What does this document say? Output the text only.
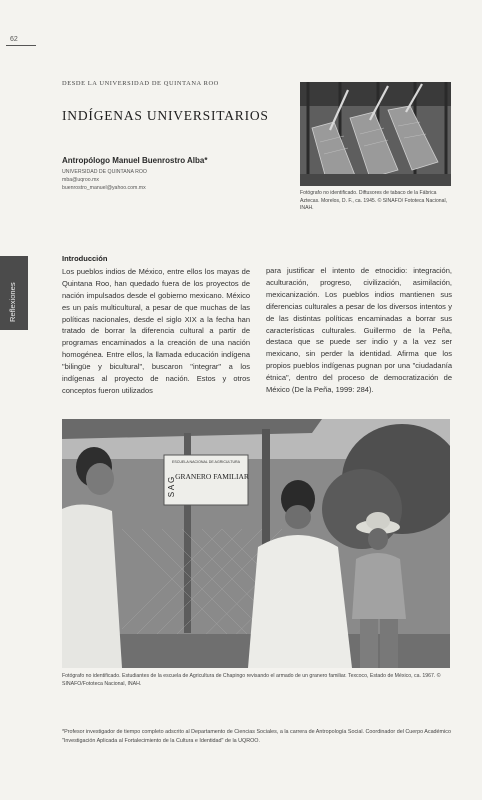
62
DESDE LA UNIVERSIDAD DE QUINTANA ROO
INDÍGENAS UNIVERSITARIOS
Antropólogo Manuel Buenrostro Alba*
UNIVERSIDAD DE QUINTANA ROO
mba@uqroo.mx
buenrostro_manuel@yahoo.com.mx
Fotógrafo no identificado. Diftusores de tabaco de la Fábrica Aztecas. Morelos, D. F., ca. 1945. © SINAFO/ Fototeca Nacional, INAH.
Reflexiones
Introducción

Los pueblos indios de México, entre ellos los mayas de Quintana Roo, han quedado fuera de los proyectos de nación impulsados desde el gobierno mexicano. México es un país multicultural, a pesar de que muchas de las políticas nacionales, desde el siglo XIX a la fecha han tratado de borrar la diferencia cultural a partir de programas encaminados a la creación de una nación homogénea. Entre ellos, la llamada educación indígena "bilingüe y bicultural", buscaron "integrar" a los indígenas al proyecto de nación. Estos y otros conceptos fueron utilizados

para justificar el intento de etnocidio: integración, aculturación, progreso, civilización, asimilación, mexicanización. Los pueblos indios mantienen sus diferencias culturales a pesar de los diversos intentos y de las distintas políticas encaminadas a borrar sus características culturales. Guillermo de la Peña, destaca que se puede ser indio y a la vez ser mexicano, sin perder la identidad. Afirma que los propios pueblos indígenas pugnan por una "ciudadanía étnica", dentro del proceso de democratización de México (De la Peña, 1999: 284).

ESCUELA NACIONAL DE AGRICULTURA
S A G
GRANERO FAMILIAR
Fotógrafo no identificado. Estudiantes de la escuela de Agricultura de Chapingo revisando el armado de un granero familiar. Texcoco, Estado de México, ca. 1967. © SINAFO/Fototeca Nacional, INAH.
*Profesor investigador de tiempo completo adscrito al Departamento de Ciencias Sociales, a la carrera de Antropología Social. Coordinador del Cuerpo Académico "Investigación Aplicada al Fortalecimiento de la Cultura e Identidad" de la UQROO.
